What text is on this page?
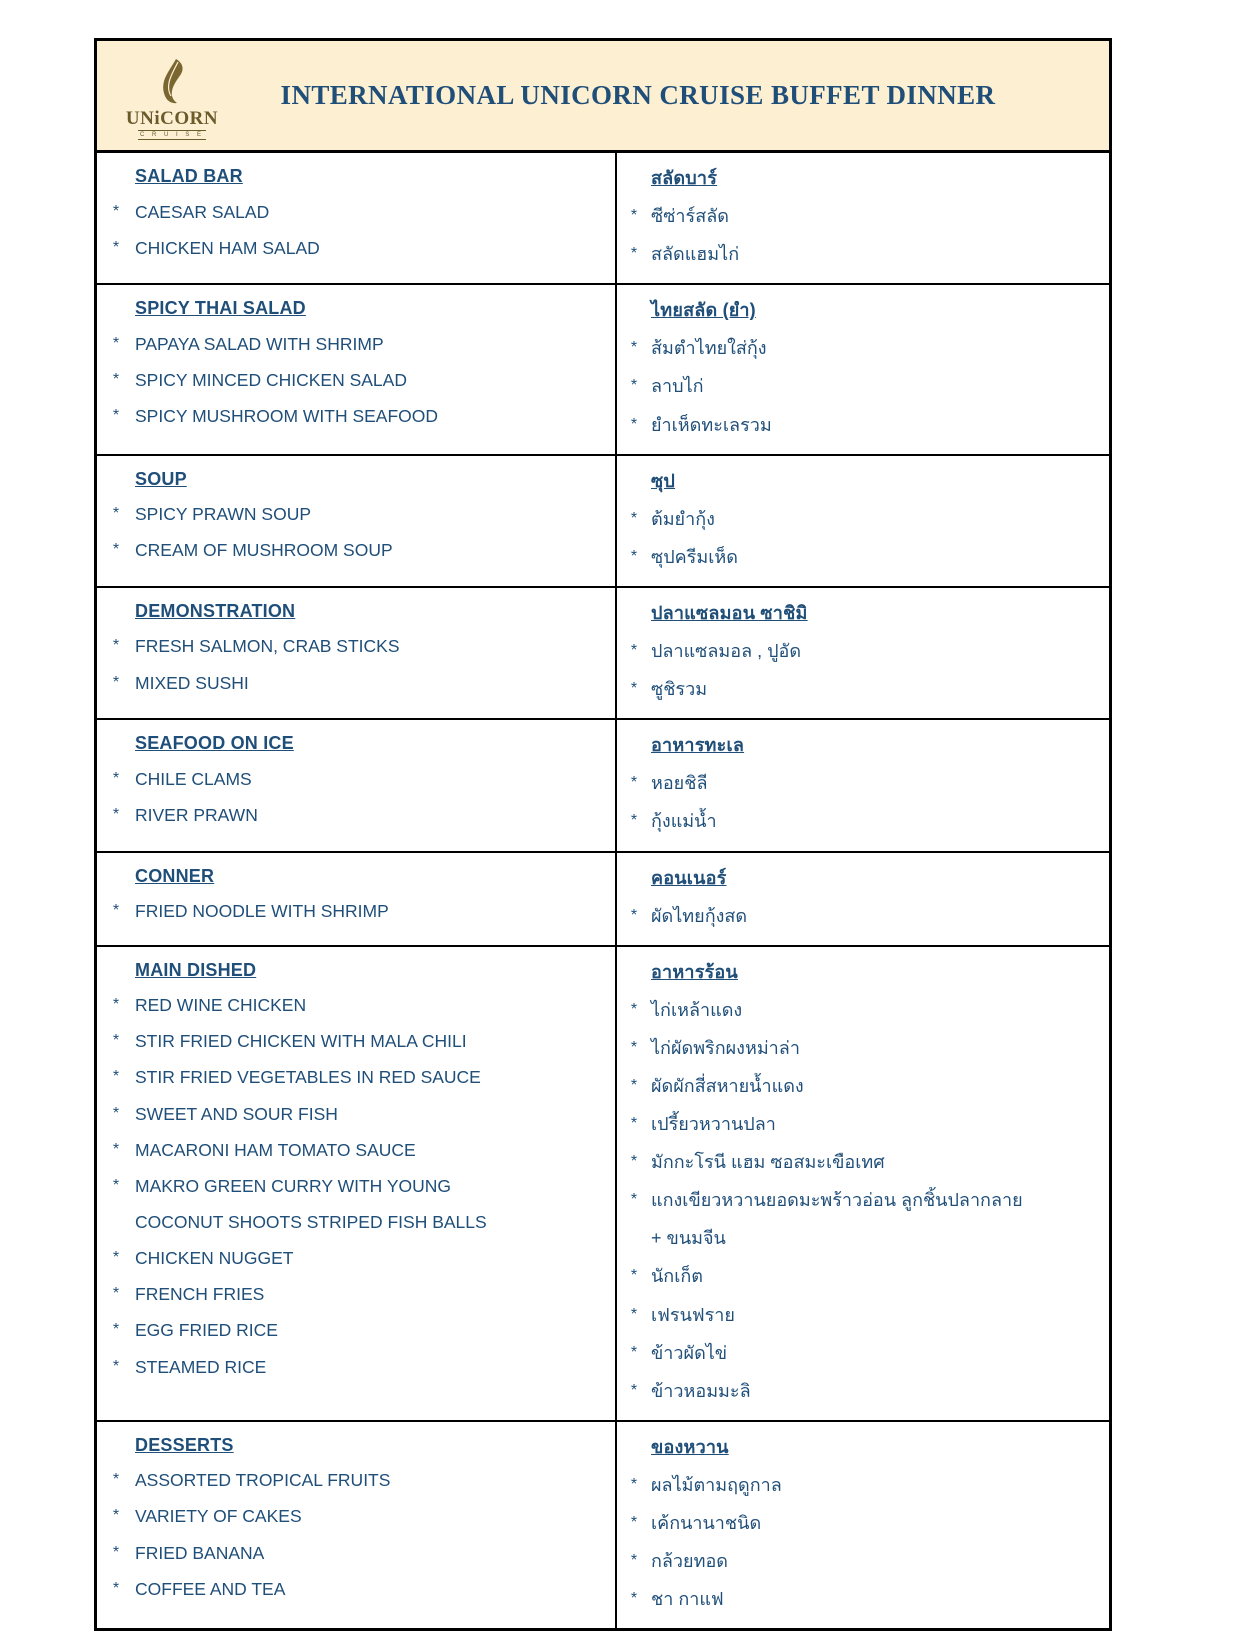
UNiCORN
C R U I S E
INTERNATIONAL UNICORN CRUISE BUFFET DINNER
SALAD BAR
* CAESAR SALAD
* CHICKEN HAM SALAD
สลัดบาร์
* ซีซ่าร์สลัด
* สลัดแฮมไก่
SPICY THAI SALAD
* PAPAYA SALAD WITH SHRIMP
* SPICY MINCED CHICKEN SALAD
* SPICY MUSHROOM WITH SEAFOOD
ไทยสลัด (ยำ)
* ส้มตำไทยใส่กุ้ง
* ลาบไก่
* ยำเห็ดทะเลรวม
SOUP
* SPICY PRAWN SOUP
* CREAM OF MUSHROOM SOUP
ซุป
* ต้มยำกุ้ง
* ซุปครีมเห็ด
DEMONSTRATION
* FRESH SALMON, CRAB STICKS
* MIXED SUSHI
ปลาแซลมอน ซาชิมิ
* ปลาแซลมอล , ปูอัด
* ซูชิรวม
SEAFOOD ON ICE
* CHILE CLAMS
* RIVER PRAWN
อาหารทะเล
* หอยชิลี
* กุ้งแม่น้ำ
CONNER
* FRIED NOODLE WITH SHRIMP
คอนเนอร์
* ผัดไทยกุ้งสด
MAIN DISHED
* RED WINE CHICKEN
* STIR FRIED CHICKEN WITH MALA CHILI
* STIR FRIED VEGETABLES IN RED SAUCE
* SWEET AND SOUR FISH
* MACARONI HAM TOMATO SAUCE
* MAKRO GREEN CURRY WITH YOUNG
COCONUT SHOOTS STRIPED FISH BALLS
* CHICKEN NUGGET
* FRENCH FRIES
* EGG FRIED RICE
* STEAMED RICE
อาหารร้อน
* ไก่เหล้าแดง
* ไก่ผัดพริกผงหม่าล่า
* ผัดผักสี่สหายน้ำแดง
* เปรี้ยวหวานปลา
* มักกะโรนี แฮม ซอสมะเขือเทศ
* แกงเขียวหวานยอดมะพร้าวอ่อน ลูกชิ้นปลากลาย
+ ขนมจีน
* นักเก็ต
* เฟรนฟราย
* ข้าวผัดไข่
* ข้าวหอมมะลิ
DESSERTS
* ASSORTED TROPICAL FRUITS
* VARIETY OF CAKES
* FRIED BANANA
* COFFEE AND TEA
ของหวาน
* ผลไม้ตามฤดูกาล
* เค้กนานาชนิด
* กล้วยทอด
* ชา กาแฟ
